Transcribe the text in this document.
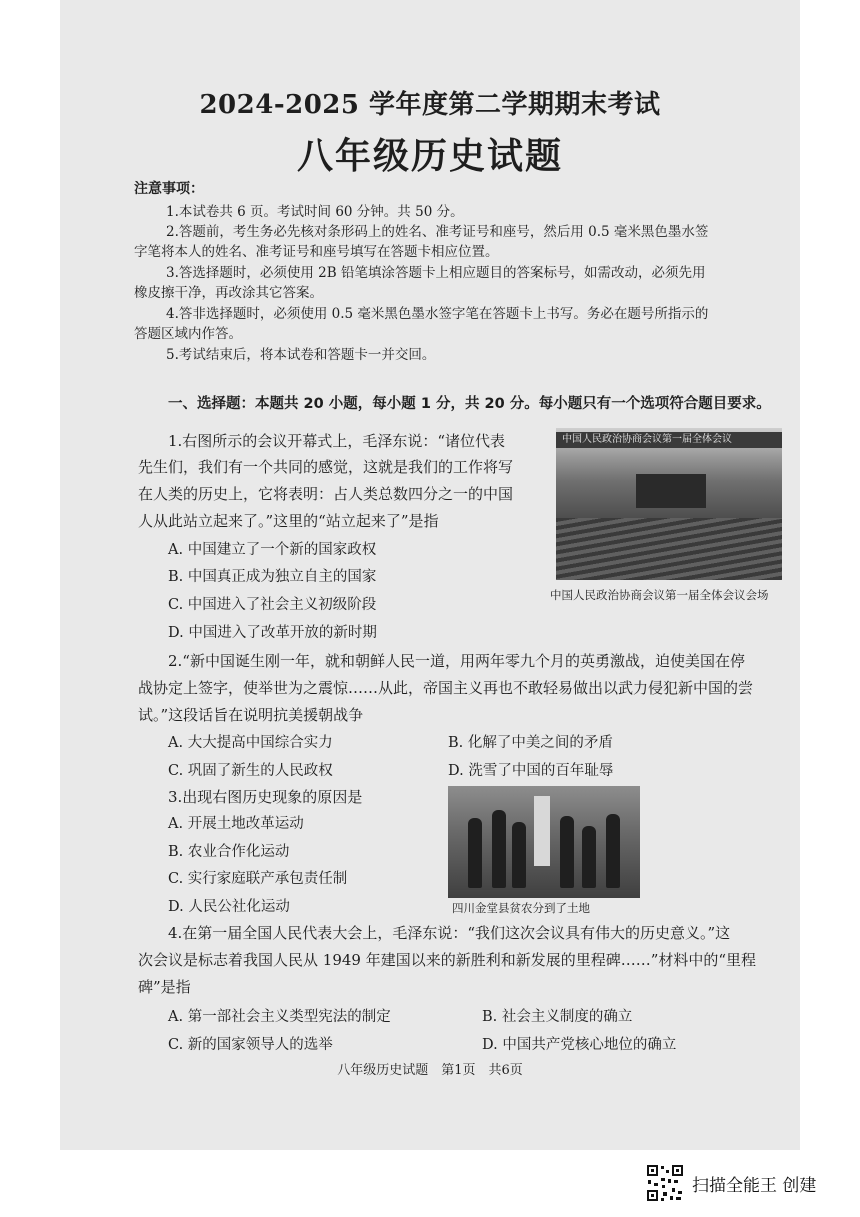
2024-2025 学年度第二学期期末考试
八年级历史试题
注意事项：
1.本试卷共 6 页。考试时间 60 分钟。共 50 分。
2.答题前，考生务必先核对条形码上的姓名、准考证号和座号，然后用 0.5 毫米黑色墨水签
字笔将本人的姓名、准考证号和座号填写在答题卡相应位置。
3.答选择题时，必须使用 2B 铅笔填涂答题卡上相应题目的答案标号，如需改动，必须先用
橡皮擦干净，再改涂其它答案。
4.答非选择题时，必须使用 0.5 毫米黑色墨水签字笔在答题卡上书写。务必在题号所指示的
答题区域内作答。
5.考试结束后，将本试卷和答题卡一并交回。
一、选择题：本题共 20 小题，每小题 1 分，共 20 分。每小题只有一个选项符合题目要求。
1.右图所示的会议开幕式上，毛泽东说：“诸位代表
先生们，我们有一个共同的感觉，这就是我们的工作将写
在人类的历史上，它将表明：占人类总数四分之一的中国
人从此站立起来了。”这里的“站立起来了”是指
A. 中国建立了一个新的国家政权
B. 中国真正成为独立自主的国家
C. 中国进入了社会主义初级阶段
D. 中国进入了改革开放的新时期
中国人民政治协商会议第一届全体会议
中国人民政治协商会议第一届全体会议会场
2.“新中国诞生刚一年，就和朝鲜人民一道，用两年零九个月的英勇激战，迫使美国在停
战协定上签字，使举世为之震惊……从此，帝国主义再也不敢轻易做出以武力侵犯新中国的尝
试。”这段话旨在说明抗美援朝战争
A. 大大提高中国综合实力	B. 化解了中美之间的矛盾
C. 巩固了新生的人民政权	D. 洗雪了中国的百年耻辱
3.出现右图历史现象的原因是
A. 开展土地改革运动
B. 农业合作化运动
C. 实行家庭联产承包责任制
D. 人民公社化运动	四川金堂县贫农分到了土地
4.在第一届全国人民代表大会上，毛泽东说：“我们这次会议具有伟大的历史意义。”这
次会议是标志着我国人民从 1949 年建国以来的新胜利和新发展的里程碑……”材料中的“里程
碑”是指
A. 第一部社会主义类型宪法的制定	B. 社会主义制度的确立
C. 新的国家领导人的选举	D. 中国共产党核心地位的确立
八年级历史试题　第1页　共6页
扫描全能王 创建
